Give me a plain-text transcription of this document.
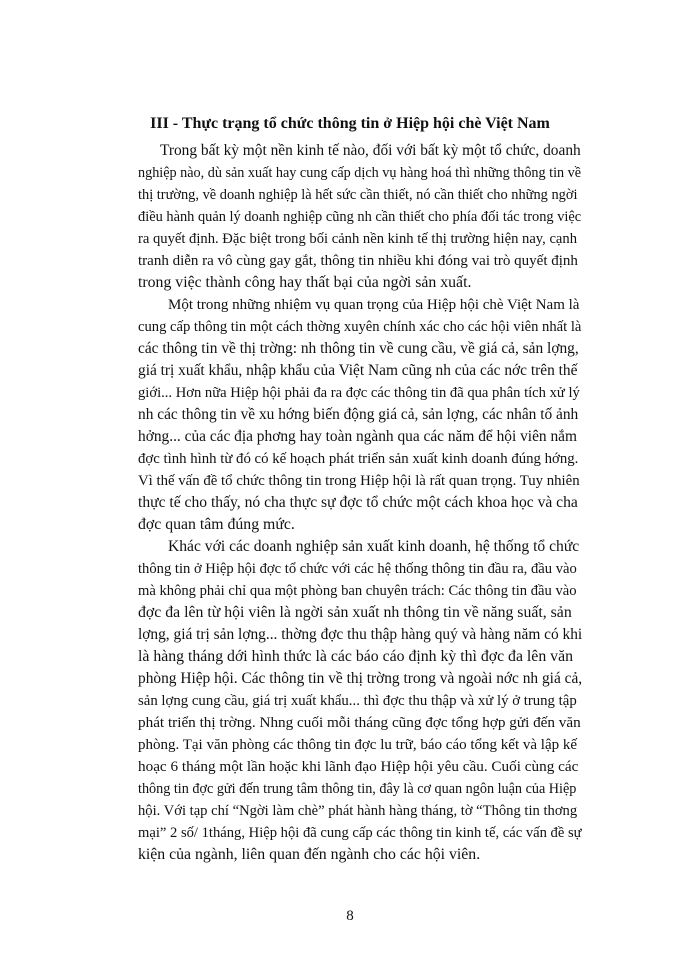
III - Thực trạng tổ chức thông tin ở Hiệp hội chè Việt Nam
Trong bất kỳ một nền kinh tế nào, đối với bất kỳ một tổ chức, doanh
nghiệp nào, dù sản xuất hay cung cấp dịch vụ hàng hoá thì những thông tin về
thị trường, về doanh nghiệp là hết sức cần thiết, nó cần thiết cho những ngời
điều hành quản lý doanh nghiệp cũng nh cần thiết cho phía đối tác trong việc
ra quyết định. Đặc biệt trong bối cảnh nền kinh tế thị trường hiện nay, cạnh
tranh diễn ra vô cùng gay gắt, thông tin nhiều khi đóng vai trò quyết định
trong việc thành công hay thất bại của ngời sản xuất.
Một trong những nhiệm vụ quan trọng của Hiệp hội chè Việt Nam là
cung cấp thông tin một cách thờng xuyên chính xác cho các hội viên nhất là
các thông tin về thị trờng: nh thông tin về cung cầu, về giá cả, sản lợng,
giá trị xuất khẩu, nhập khẩu của Việt Nam cũng nh của các nớc trên thế
giới... Hơn nữa Hiệp hội phải đa ra đợc các thông tin đã qua phân tích xử lý
nh các thông tin về xu hớng biến động giá cả, sản lợng, các nhân tố ảnh
hởng... của các địa phơng hay toàn ngành qua các năm để hội viên nắm
đợc tình hình từ đó có kế hoạch phát triển sản xuất kinh doanh đúng hớng.
Vì thế vấn đề tổ chức thông tin trong Hiệp hội là rất quan trọng. Tuy nhiên
thực tế cho thấy, nó cha thực sự đợc tổ chức một cách khoa học và cha
đợc quan tâm đúng mức.
Khác với các doanh nghiệp sản xuất kinh doanh, hệ thống tổ chức
thông tin ở Hiệp hội đợc tổ chức với các hệ thống thông tin đầu ra, đầu vào
mà không phải chỉ qua một phòng ban chuyên trách: Các thông tin đầu vào
đợc đa lên từ hội viên là ngời sản xuất nh thông tin về năng suất, sản
lợng, giá trị sản lợng... thờng đợc thu thập hàng quý và hàng năm có khi
là hàng tháng dới hình thức là các báo cáo định kỳ thì đợc đa lên văn
phòng Hiệp hội. Các thông tin về thị trờng trong và ngoài nớc nh giá cả,
sản lợng cung cầu, giá trị xuất khẩu... thì đợc thu thập và xử lý ở trung tập
phát triển thị trờng. Nhng cuối mỗi tháng cũng đợc tổng hợp gửi đến văn
phòng. Tại văn phòng các thông tin đợc lu trữ, báo cáo tổng kết và lập kế
hoạc 6 tháng một lần hoặc khi lãnh đạo Hiệp hội yêu cầu. Cuối cùng các
thông tin đợc gửi đến trung tâm thông tin, đây là cơ quan ngôn luận của Hiệp
hội. Với tạp chí “Ngời làm chè” phát hành hàng tháng, tờ “Thông tin thơng
mại” 2 số/ 1tháng, Hiệp hội đã cung cấp các thông tin kinh tế, các vấn đề sự
kiện của ngành, liên quan đến ngành cho các hội viên.
8
